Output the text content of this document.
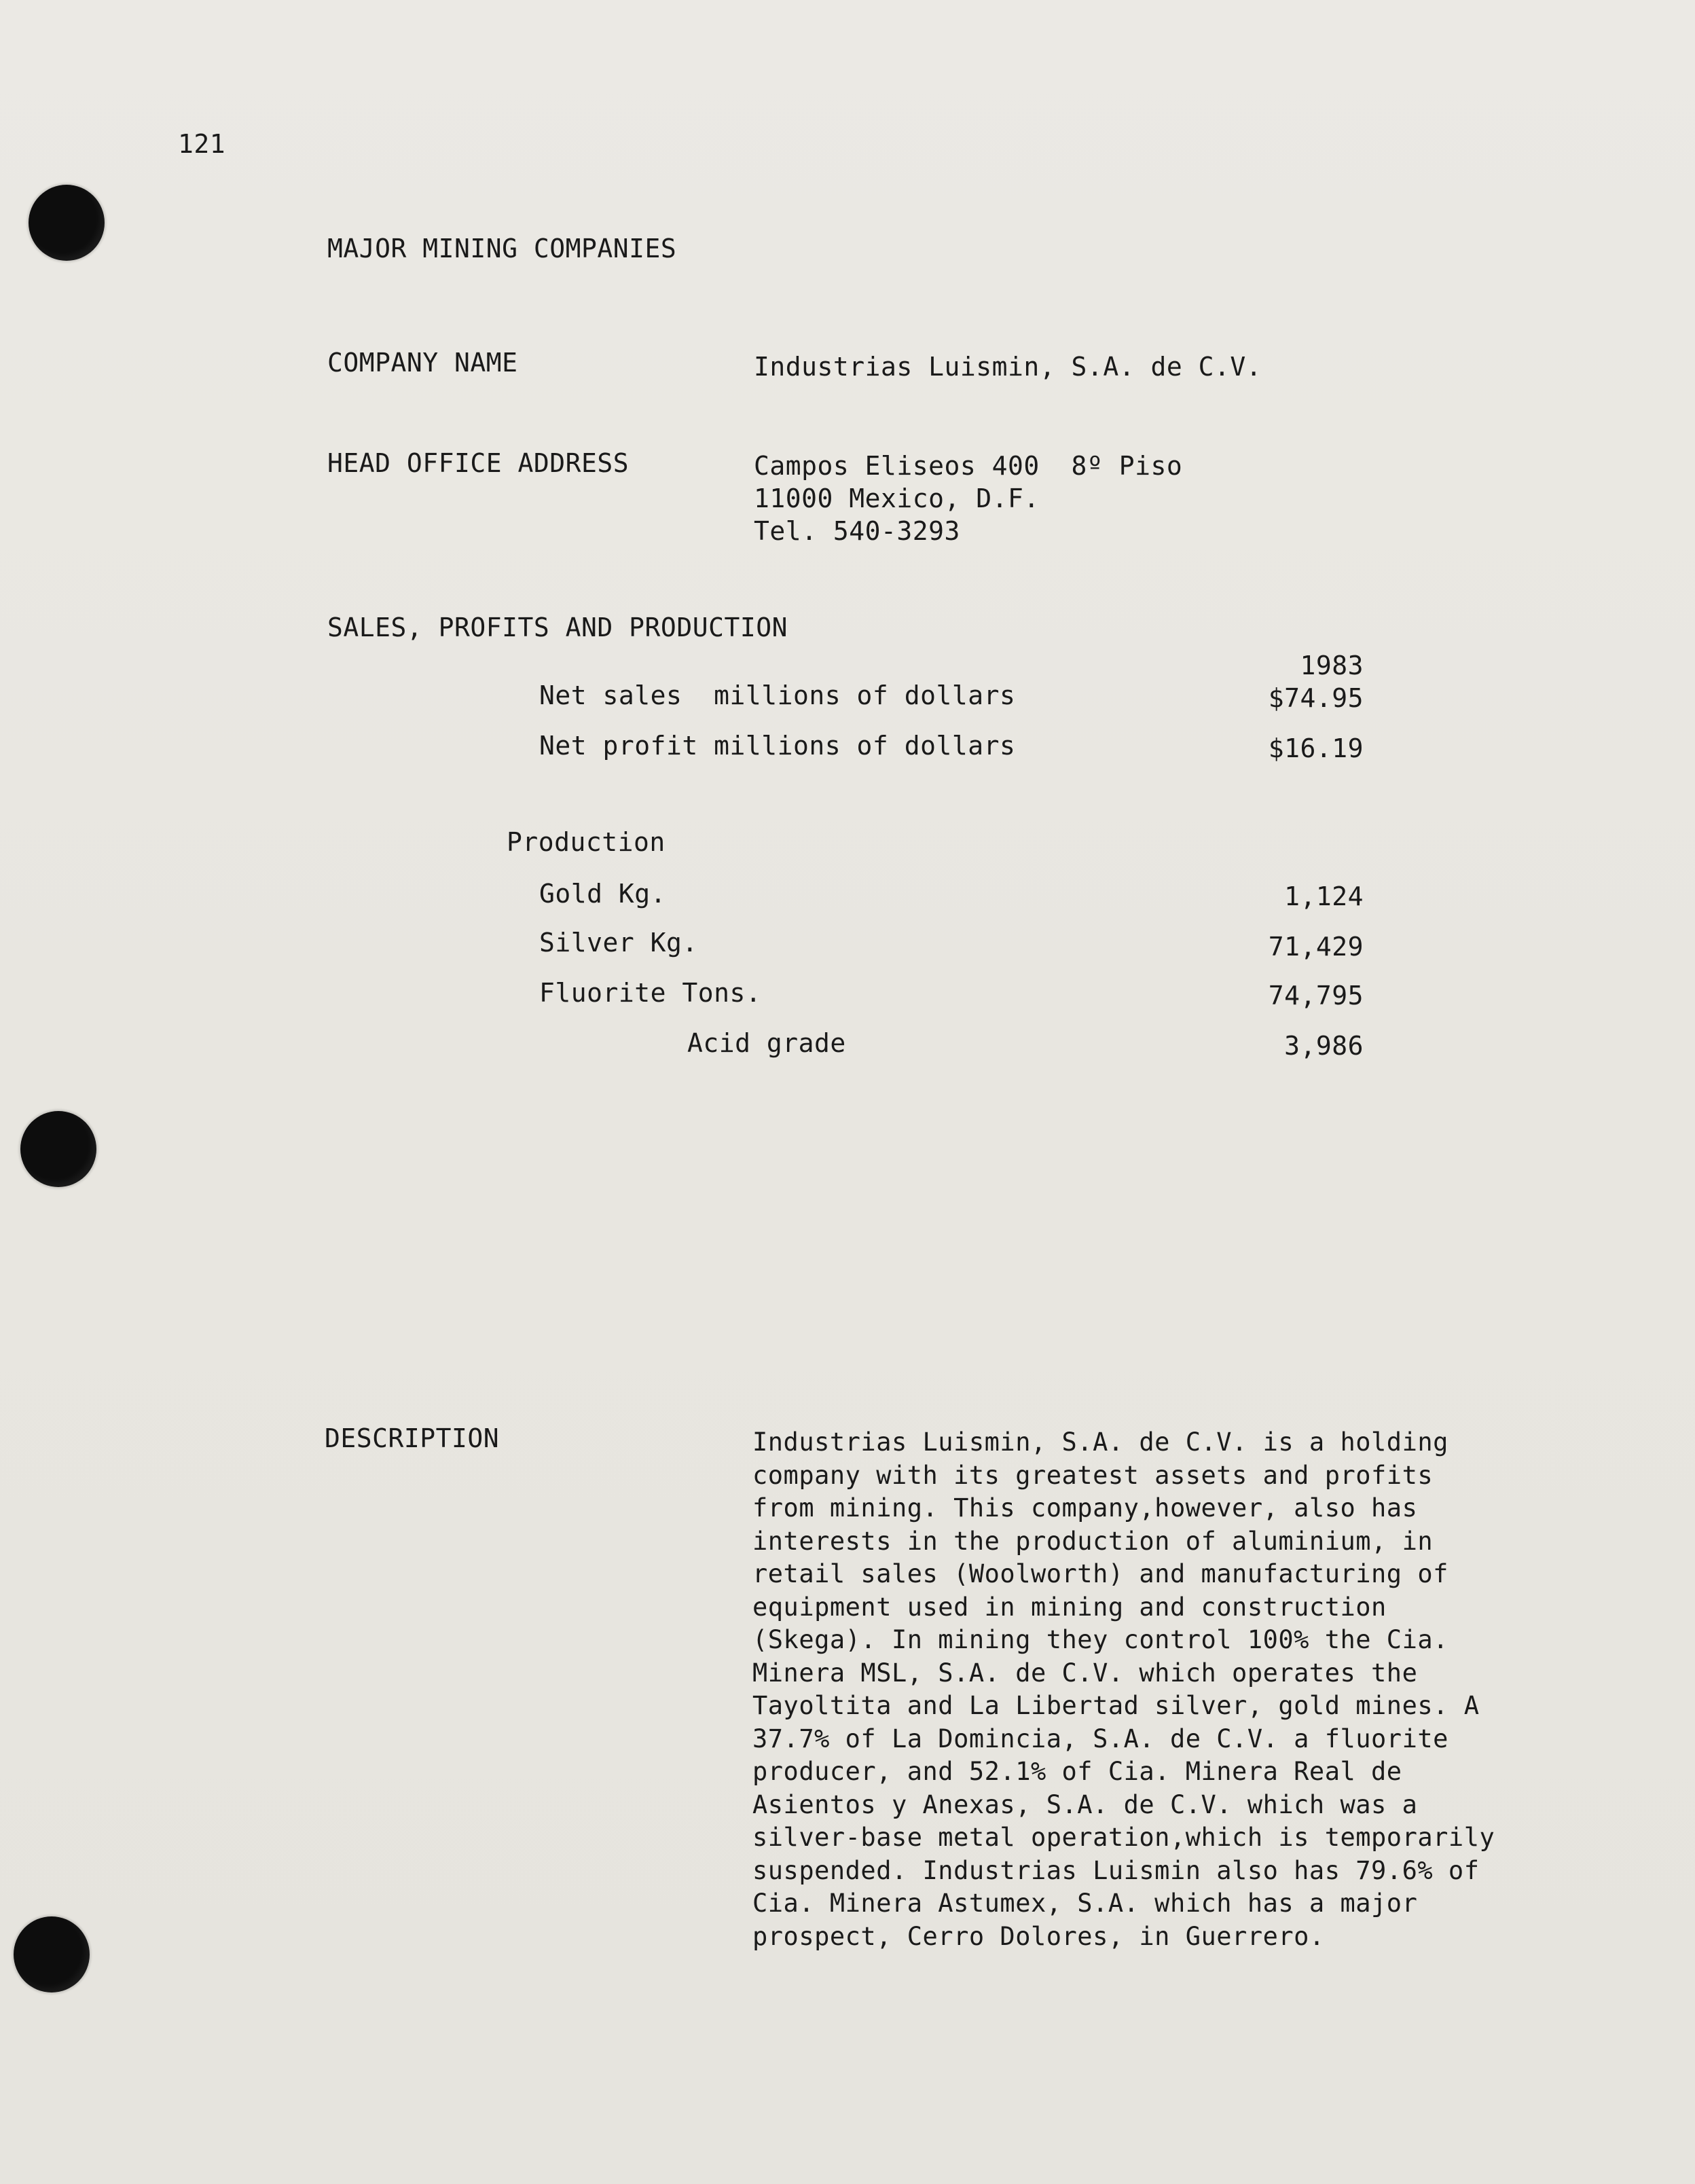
121
MAJOR MINING COMPANIES
COMPANY NAME	Industrias Luismin, S.A. de C.V.
HEAD OFFICE ADDRESS	Campos Eliseos 400  8º Piso
11000 Mexico, D.F.
Tel. 540-3293
SALES, PROFITS AND PRODUCTION
1983
Net sales  millions of dollars	$74.95
Net profit millions of dollars	$16.19
Production
Gold Kg.	1,124
Silver Kg.	71,429
Fluorite Tons.	74,795
Acid grade	3,986
DESCRIPTION	Industrias Luismin, S.A. de C.V. is a holding
company with its greatest assets and profits
from mining. This company,however, also has
interests in the production of aluminium, in
retail sales (Woolworth) and manufacturing of
equipment used in mining and construction
(Skega). In mining they control 100% the Cia.
Minera MSL, S.A. de C.V. which operates the
Tayoltita and La Libertad silver, gold mines. A
37.7% of La Domincia, S.A. de C.V. a fluorite
producer, and 52.1% of Cia. Minera Real de
Asientos y Anexas, S.A. de C.V. which was a
silver-base metal operation,which is temporarily
suspended. Industrias Luismin also has 79.6% of
Cia. Minera Astumex, S.A. which has a major
prospect, Cerro Dolores, in Guerrero.
